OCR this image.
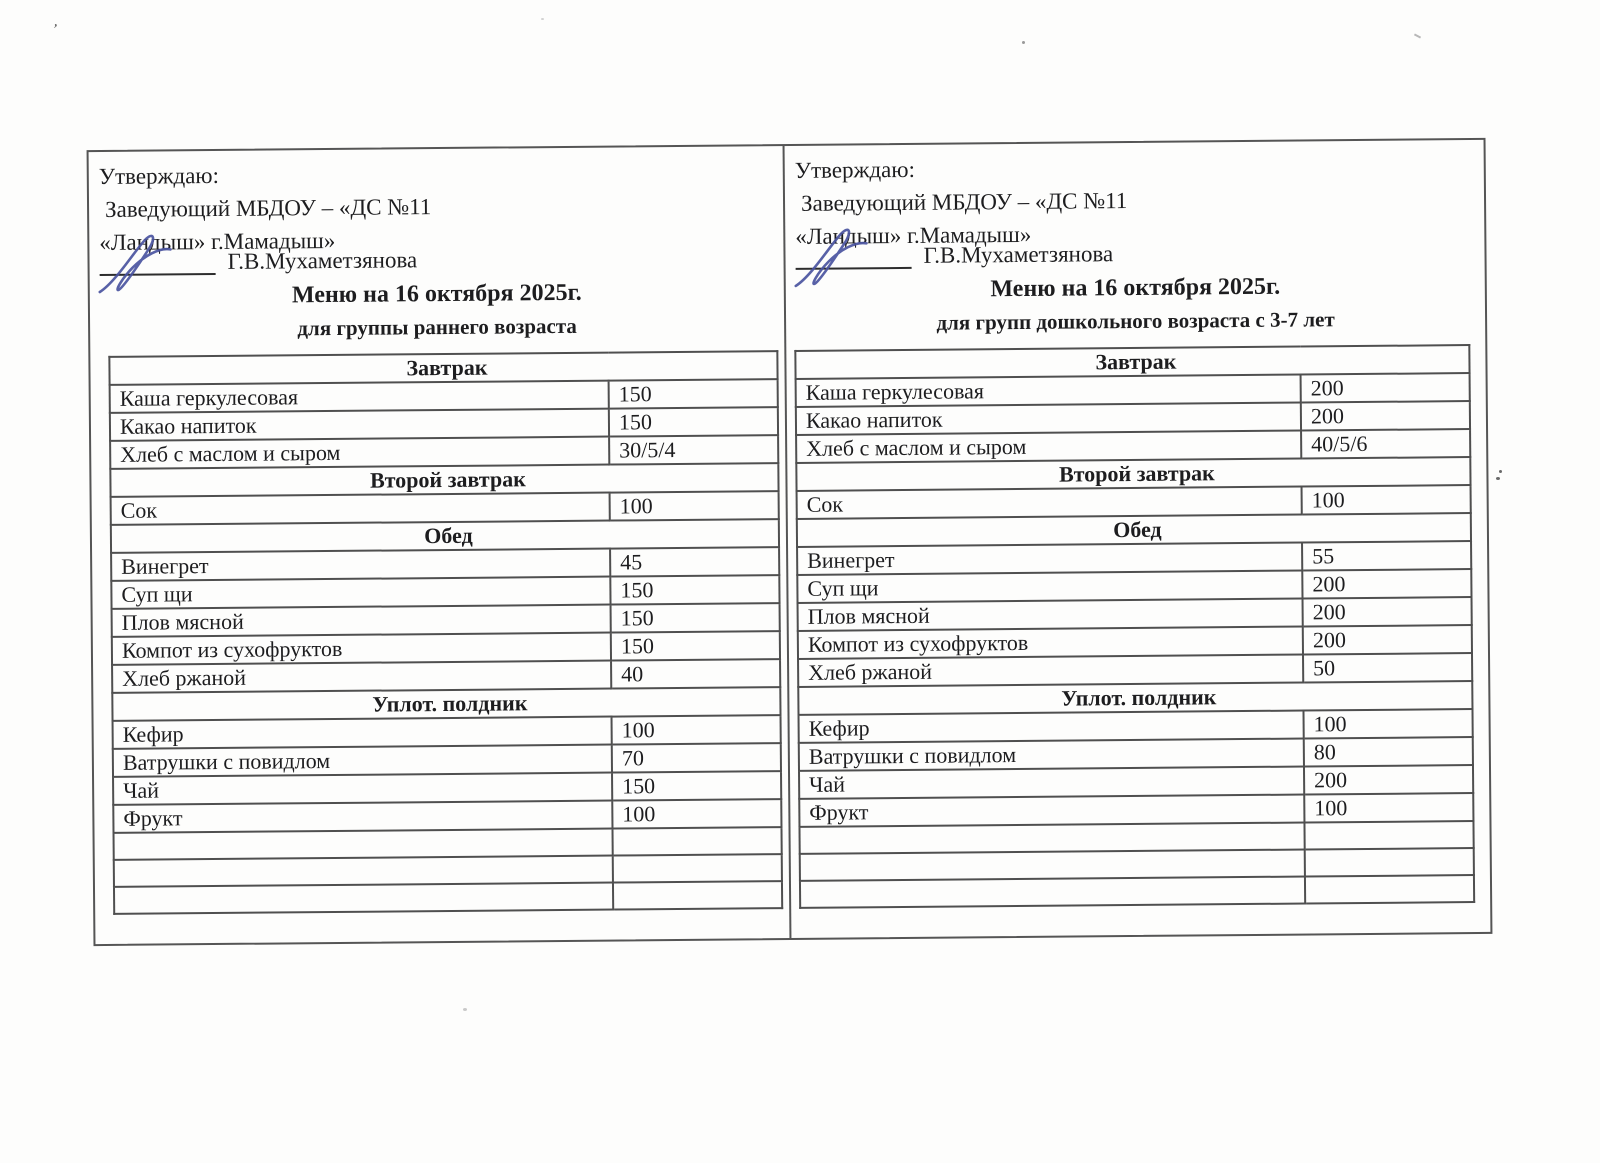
’
Утверждаю:
Заведующий МБДОУ – «ДС №11
«Ландыш» г.Мамадыш»
Г.В.Мухаметзянова
Меню на 16 октября 2025г.
для группы раннего возраста
Завтрак	
Каша геркулесовая	150
Какао напиток	150
Хлеб с маслом и сыром	30/5/4
Второй завтрак	
Сок	100
Обед	
Винегрет	45
Суп щи	150
Плов мясной	150
Компот из сухофруктов	150
Хлеб ржаной	40
Уплот. полдник	
Кефир	100
Ватрушки с повидлом	70
Чай	150
Фрукт	100

Утверждаю:
Заведующий МБДОУ – «ДС №11
«Ландыш» г.Мамадыш»
Г.В.Мухаметзянова
Меню на 16 октября 2025г.
для групп дошкольного возраста с 3-7 лет
Завтрак	
Каша геркулесовая	200
Какао напиток	200
Хлеб с маслом и сыром	40/5/6
Второй завтрак	
Сок	100
Обед	
Винегрет	55
Суп щи	200
Плов мясной	200
Компот из сухофруктов	200
Хлеб ржаной	50
Уплот. полдник	
Кефир	100
Ватрушки с повидлом	80
Чай	200
Фрукт	100
